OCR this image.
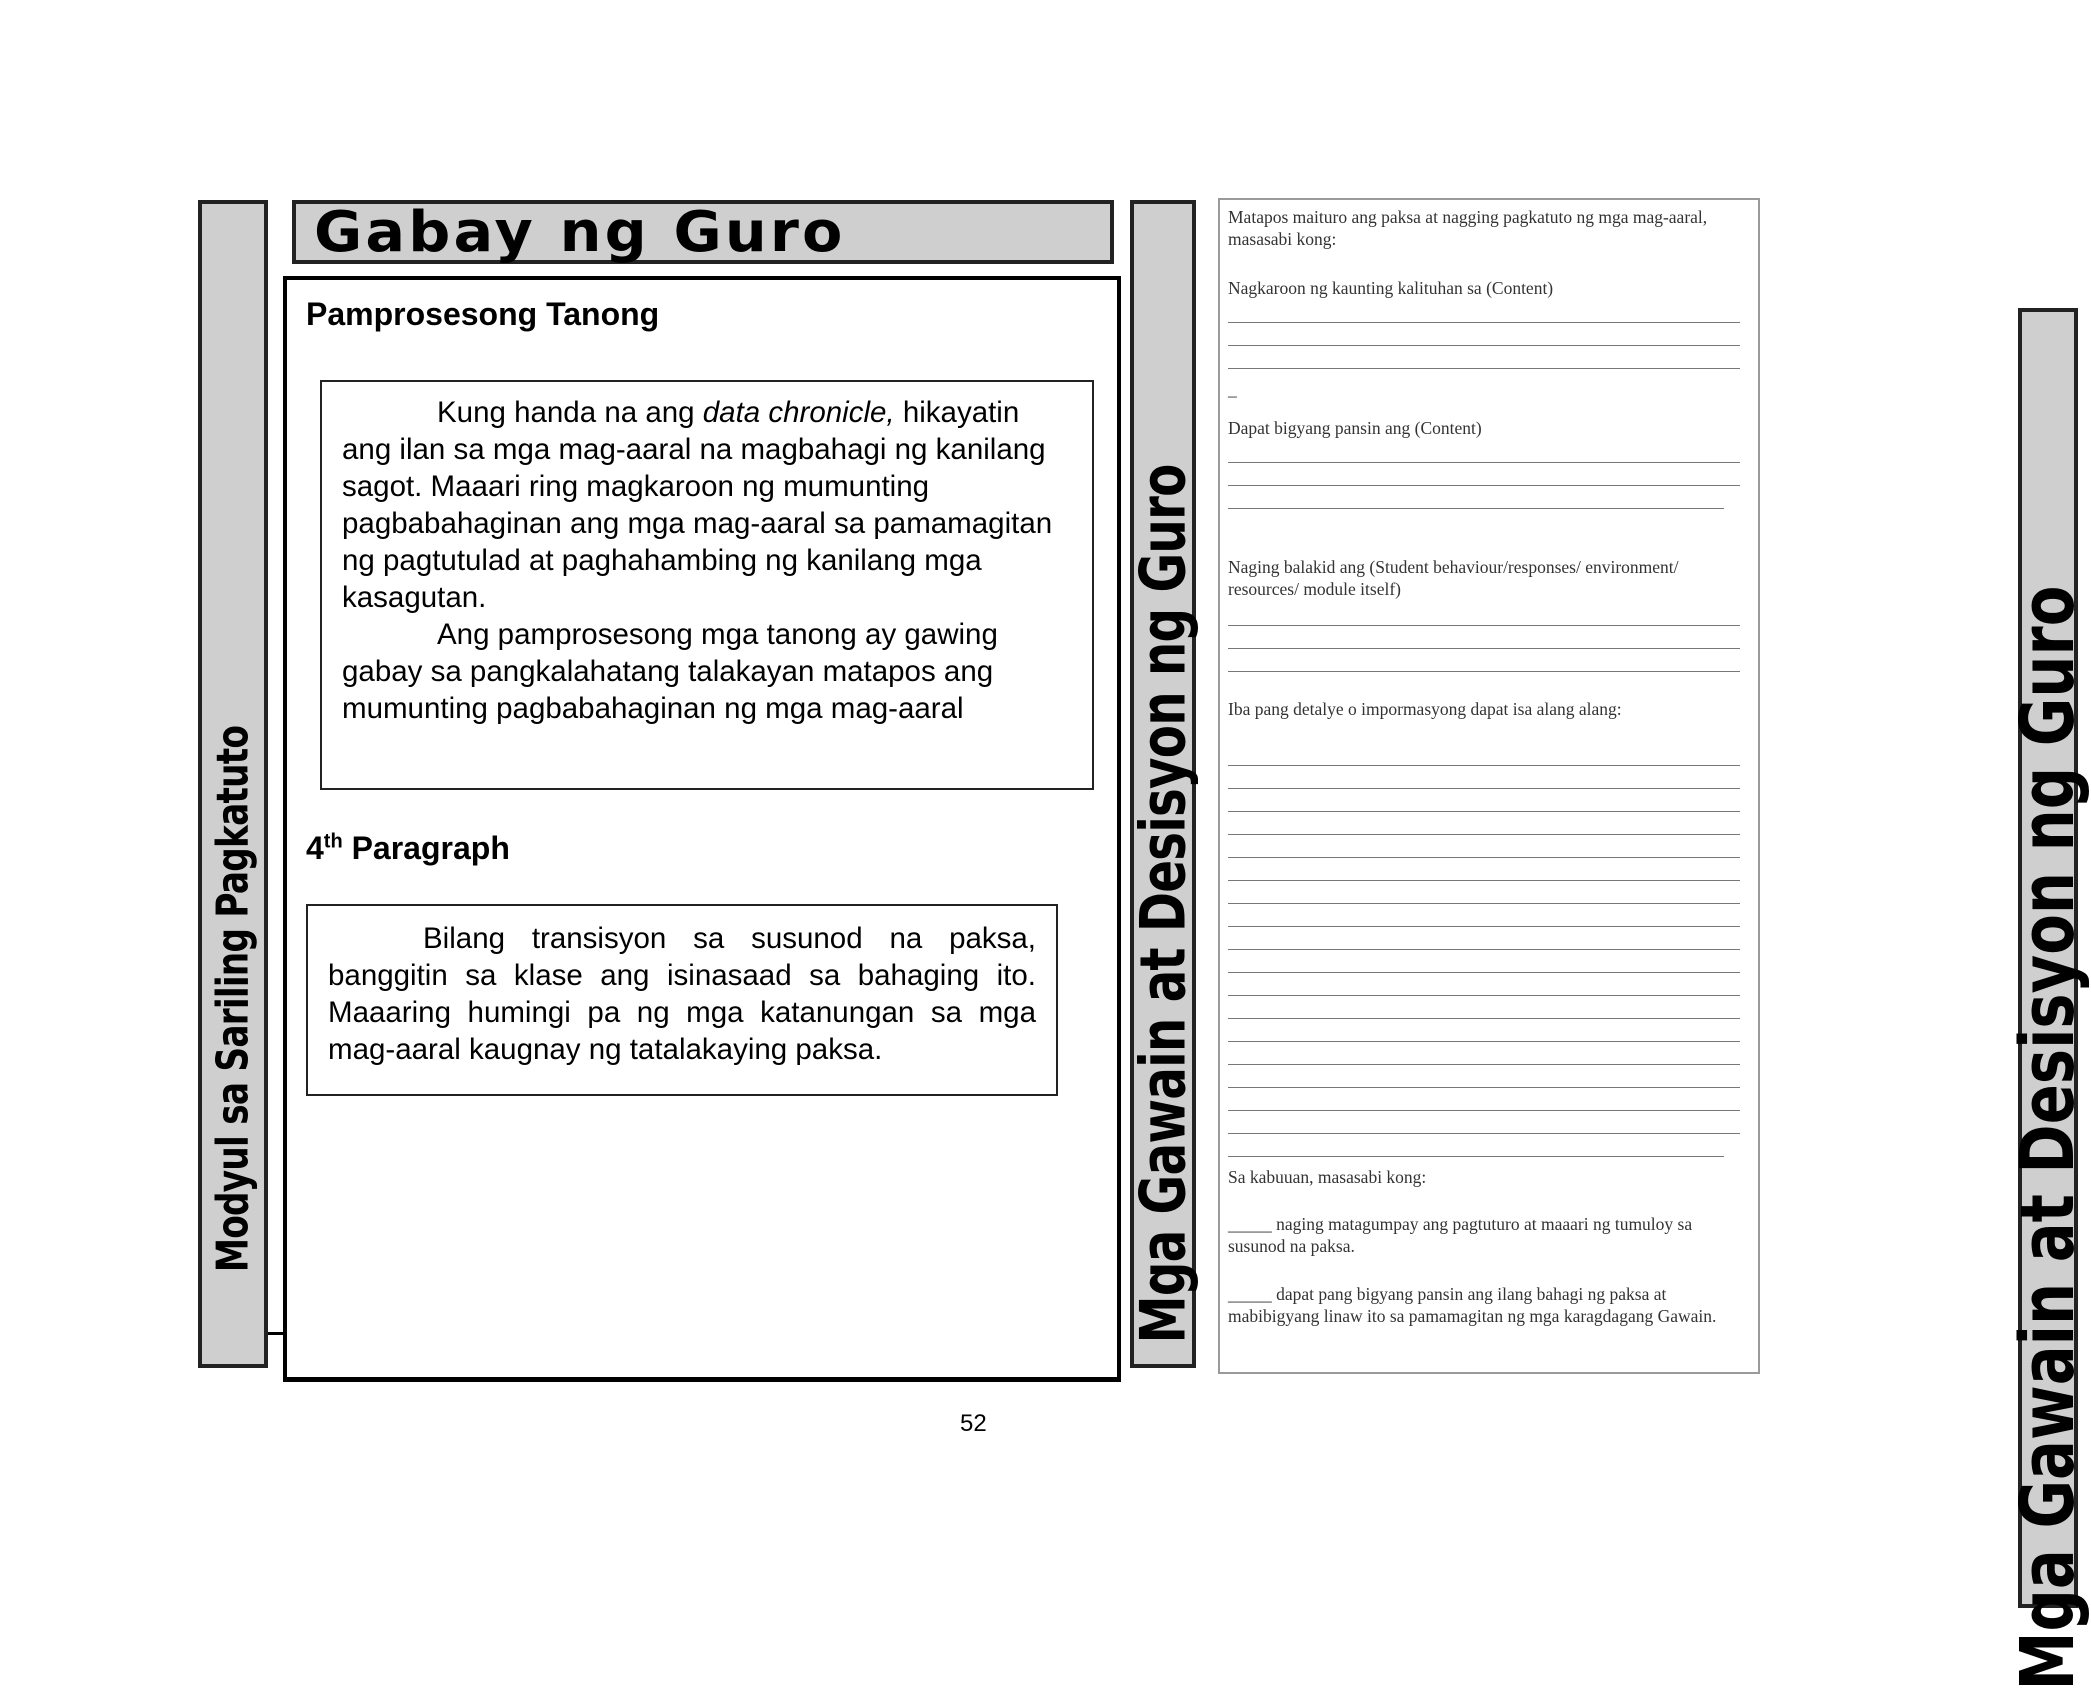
Modyul sa Sariling Pagkatuto
Gabay ng Guro
Pamprosesong Tanong

Kung handa na ang data chronicle, hikayatin ang ilan sa mga mag-aaral na magbahagi ng kanilang sagot. Maaari ring magkaroon ng mumunting pagbabahaginan ang mga mag-aaral sa pamamagitan ng pagtutulad at paghahambing ng kanilang mga kasagutan.

Ang pamprosesong mga tanong ay gawing gabay sa pangkalahatang talakayan matapos ang mumunting pagbabahaginan ng mga mag-aaral

4th Paragraph

Bilang transisyon sa susunod na paksa, banggitin sa klase ang isinasaad sa bahaging ito. Maaaring humingi pa ng mga katanungan sa mga mag-aaral kaugnay ng tatalakaying paksa.

52
Mga Gawain at Desisyon ng Guro
Matapos maituro ang paksa at nagging pagkatuto ng mga mag-aaral, masasabi kong:
Nagkaroon ng kaunting kalituhan sa (Content)
_
Dapat bigyang pansin ang (Content)
Naging balakid ang (Student behaviour/responses/ environment/ resources/ module itself)
Iba pang detalye o impormasyong dapat isa alang alang:
Sa kabuuan, masasabi kong:
_____ naging matagumpay ang pagtuturo at maaari ng tumuloy sa susunod na paksa.
_____ dapat pang bigyang pansin ang ilang bahagi ng paksa at mabibigyang linaw ito sa pamamagitan ng mga karagdagang Gawain.	Mga Gawain at Desisyon ng Guro
